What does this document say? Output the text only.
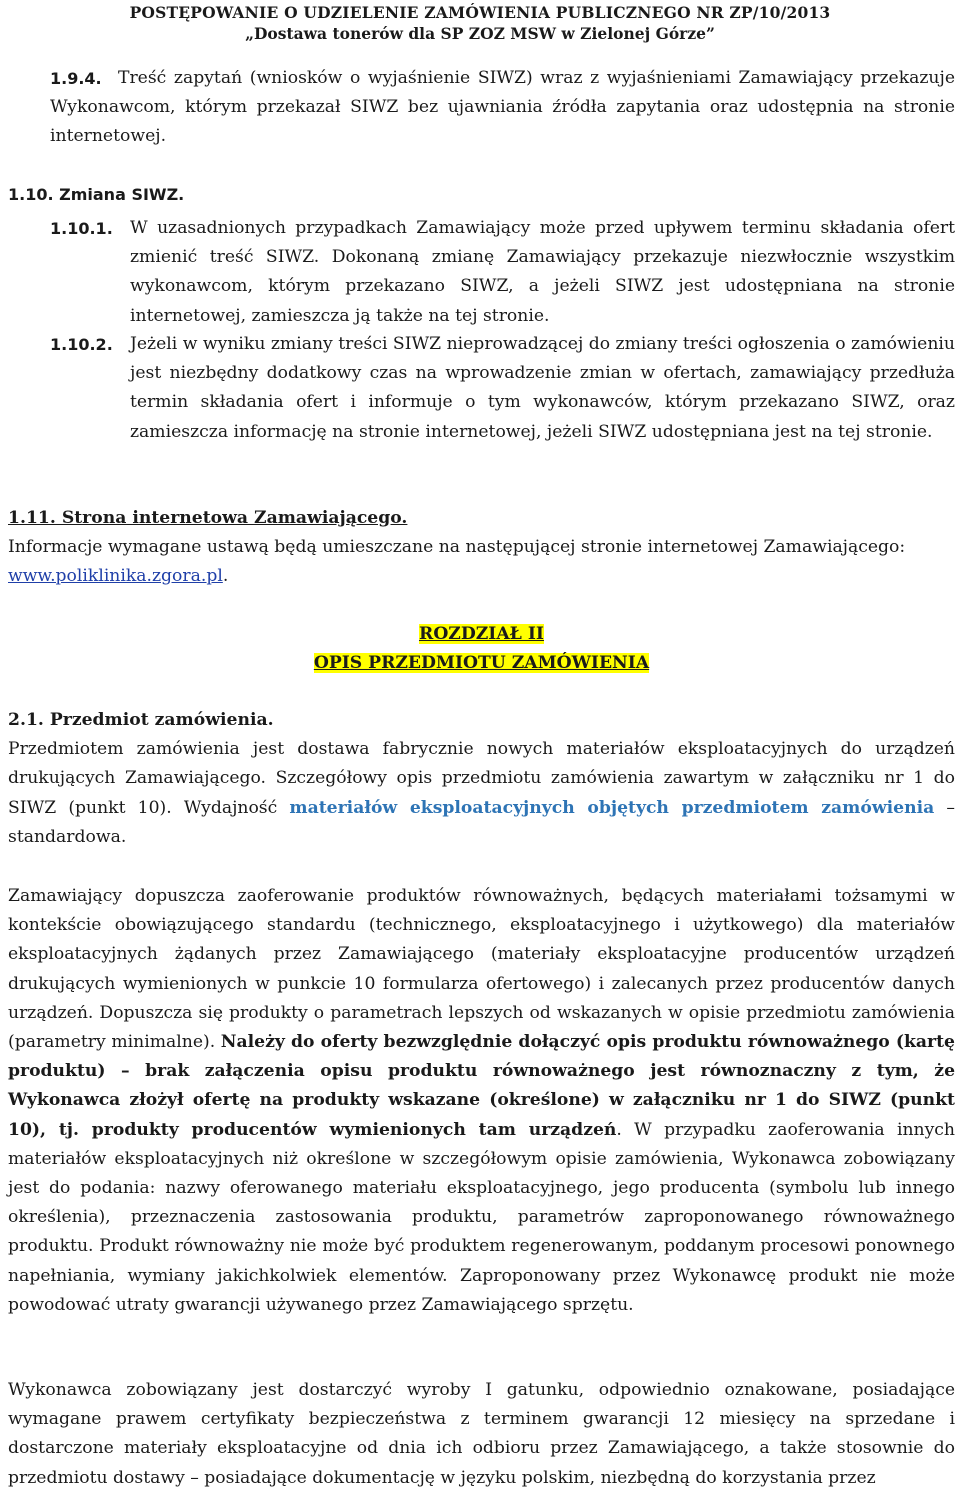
POSTĘPOWANIE O UDZIELENIE ZAMÓWIENIA PUBLICZNEGO NR ZP/10/2013
„Dostawa tonerów dla SP ZOZ MSW w Zielonej Górze”
1.9.4. Treść zapytań (wniosków o wyjaśnienie SIWZ) wraz z wyjaśnieniami Zamawiający przekazuje Wykonawcom, którym przekazał SIWZ bez ujawniania źródła zapytania oraz udostępnia na stronie internetowej.

1.10. Zmiana SIWZ.
1.10.1.	W uzasadnionych przypadkach Zamawiający może przed upływem terminu składania ofert zmienić treść SIWZ. Dokonaną zmianę Zamawiający przekazuje niezwłocznie wszystkim wykonawcom, którym przekazano SIWZ, a jeżeli SIWZ jest udostępniana na stronie internetowej, zamieszcza ją także na tej stronie.

1.10.2.	Jeżeli w wyniku zmiany treści SIWZ nieprowadzącej do zmiany treści ogłoszenia o zamówieniu jest niezbędny dodatkowy czas na wprowadzenie zmian w ofertach, zamawiający przedłuża termin składania ofert i informuje o tym wykonawców, którym przekazano SIWZ, oraz zamieszcza informację na stronie internetowej, jeżeli SIWZ udostępniana jest na tej stronie.

1.11. Strona internetowa Zamawiającego.

Informacje wymagane ustawą będą umieszczane na następującej stronie internetowej Zamawiającego: www.poliklinika.zgora.pl.

ROZDZIAŁ II

OPIS PRZEDMIOTU ZAMÓWIENIA

2.1. Przedmiot zamówienia.

Przedmiotem zamówienia jest dostawa fabrycznie nowych materiałów eksploatacyjnych do urządzeń drukujących Zamawiającego. Szczegółowy opis przedmiotu zamówienia zawartym w załączniku nr 1 do SIWZ (punkt 10). Wydajność materiałów eksploatacyjnych objętych przedmiotem zamówienia – standardowa.

Zamawiający dopuszcza zaoferowanie produktów równoważnych, będących materiałami tożsamymi w kontekście obowiązującego standardu (technicznego, eksploatacyjnego i użytkowego) dla materiałów eksploatacyjnych żądanych przez Zamawiającego (materiały eksploatacyjne producentów urządzeń drukujących wymienionych w punkcie 10 formularza ofertowego) i zalecanych przez producentów danych urządzeń. Dopuszcza się produkty o parametrach lepszych od wskazanych w opisie przedmiotu zamówienia (parametry minimalne). Należy do oferty bezwzględnie dołączyć opis produktu równoważnego (kartę produktu) – brak załączenia opisu produktu równoważnego jest równoznaczny z tym, że Wykonawca złożył ofertę na produkty wskazane (określone) w załączniku nr 1 do SIWZ (punkt 10), tj. produkty producentów wymienionych tam urządzeń. W przypadku zaoferowania innych materiałów eksploatacyjnych niż określone w szczegółowym opisie zamówienia, Wykonawca zobowiązany jest do podania: nazwy oferowanego materiału eksploatacyjnego, jego producenta (symbolu lub innego określenia), przeznaczenia zastosowania produktu, parametrów zaproponowanego równoważnego produktu. Produkt równoważny nie może być produktem regenerowanym, poddanym procesowi ponownego napełniania, wymiany jakichkolwiek elementów. Zaproponowany przez Wykonawcę produkt nie może powodować utraty gwarancji używanego przez Zamawiającego sprzętu.

Wykonawca zobowiązany jest dostarczyć wyroby I gatunku, odpowiednio oznakowane, posiadające wymagane prawem certyfikaty bezpieczeństwa z terminem gwarancji 12 miesięcy na sprzedane i dostarczone materiały eksploatacyjne od dnia ich odbioru przez Zamawiającego, a także stosownie do przedmiotu dostawy – posiadające dokumentację w języku polskim, niezbędną do korzystania przez
